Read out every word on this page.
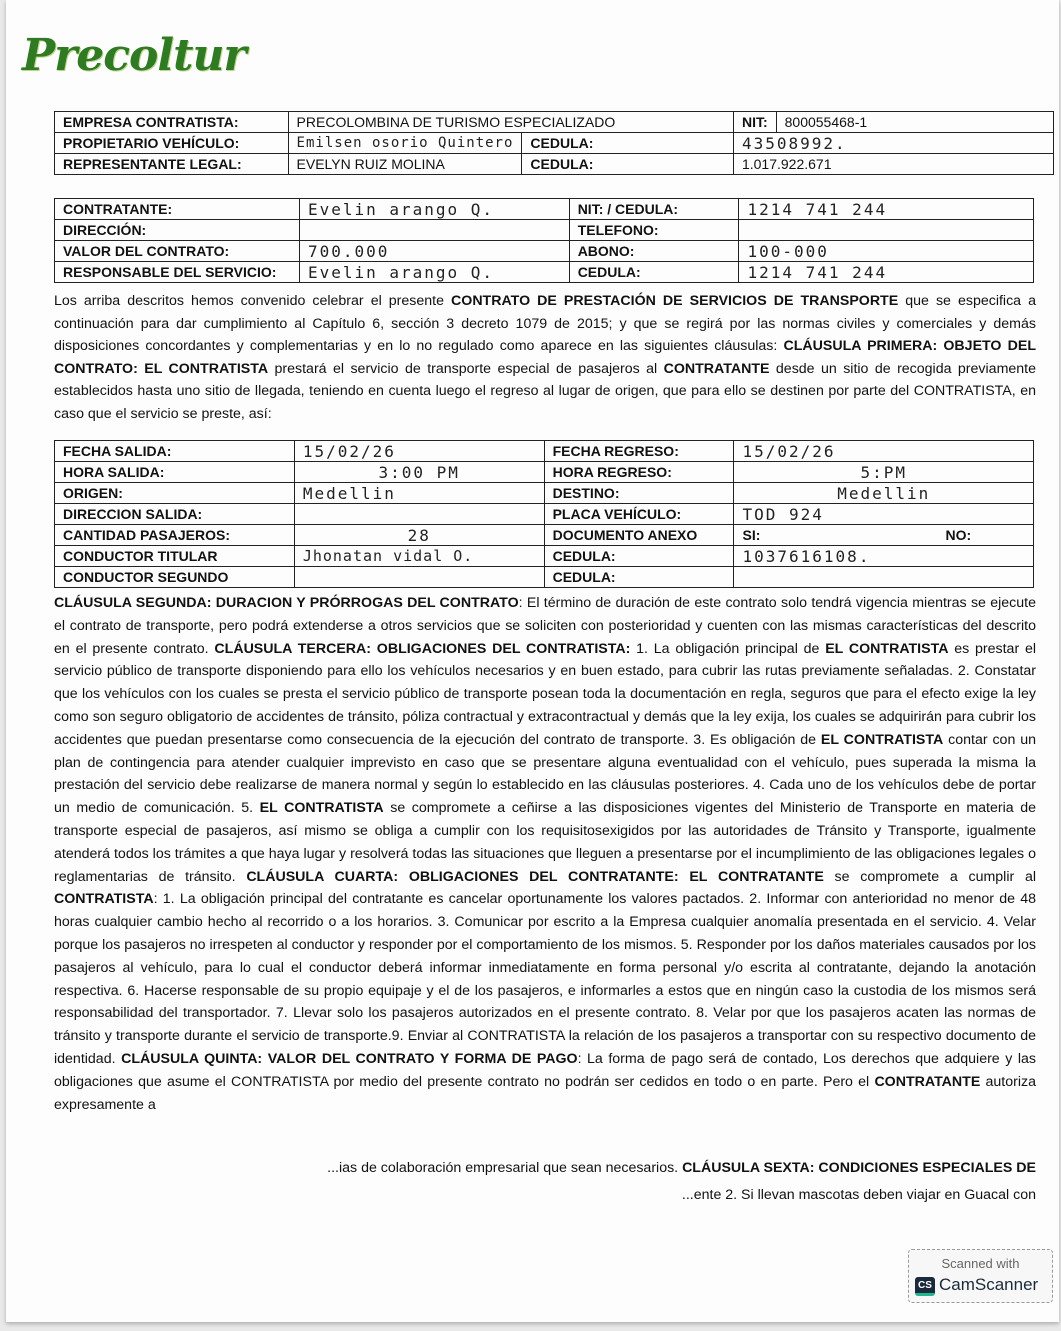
Precoltur
EMPRESA CONTRATISTA:	PRECOLOMBINA DE TURISMO ESPECIALIZADO		NIT:	800055468-1
PROPIETARIO VEHÍCULO:	Emilsen osorio Quintero	CEDULA:	43508992.	
REPRESENTANTE LEGAL:	EVELYN RUIZ MOLINA	CEDULA:	1.017.922.671	
CONTRATANTE:	Evelin arango Q.	NIT: / CEDULA:	1214 741 244
DIRECCIÓN:		TELEFONO:	
VALOR DEL CONTRATO:	700.000	ABONO:	100-000
RESPONSABLE DEL SERVICIO:	Evelin arango Q.	CEDULA:	1214 741 244

Los arriba descritos hemos convenido celebrar el presente CONTRATO DE PRESTACIÓN DE SERVICIOS DE TRANSPORTE que se especifica a continuación para dar cumplimiento al Capítulo 6, sección 3 decreto 1079 de 2015; y que se regirá por las normas civiles y comerciales y demás disposiciones concordantes y complementarias y en lo no regulado como aparece en las siguientes cláusulas: CLÁUSULA PRIMERA: OBJETO DEL CONTRATO: EL CONTRATISTA prestará el servicio de transporte especial de pasajeros al CONTRATANTE desde un sitio de recogida previamente establecidos hasta uno sitio de llegada, teniendo en cuenta luego el regreso al lugar de origen, que para ello se destinen por parte del CONTRATISTA, en caso que el servicio se preste, así:

FECHA SALIDA:	15/02/26	FECHA REGRESO:	15/02/26	
HORA SALIDA:	3:00 PM	HORA REGRESO:	5:PM	
ORIGEN:	Medellin	DESTINO:	Medellin	
DIRECCION SALIDA:		PLACA VEHÍCULO:	TOD 924	
CANTIDAD PASAJEROS:	28	DOCUMENTO ANEXO	SI:	NO:
CONDUCTOR TITULAR	Jhonatan vidal O.	CEDULA:	1037616108.	
CONDUCTOR SEGUNDO		CEDULA:		

CLÁUSULA SEGUNDA: DURACION Y PRÓRROGAS DEL CONTRATO: El término de duración de este contrato solo tendrá vigencia mientras se ejecute el contrato de transporte, pero podrá extenderse a otros servicios que se soliciten con posterioridad y cuenten con las mismas características del descrito en el presente contrato. CLÁUSULA TERCERA: OBLIGACIONES DEL CONTRATISTA: 1. La obligación principal de EL CONTRATISTA es prestar el servicio público de transporte disponiendo para ello los vehículos necesarios y en buen estado, para cubrir las rutas previamente señaladas. 2. Constatar que los vehículos con los cuales se presta el servicio público de transporte posean toda la documentación en regla, seguros que para el efecto exige la ley como son seguro obligatorio de accidentes de tránsito, póliza contractual y extracontractual y demás que la ley exija, los cuales se adquirirán para cubrir los accidentes que puedan presentarse como consecuencia de la ejecución del contrato de transporte. 3. Es obligación de EL CONTRATISTA contar con un plan de contingencia para atender cualquier imprevisto en caso que se presentare alguna eventualidad con el vehículo, pues superada la misma la prestación del servicio debe realizarse de manera normal y según lo establecido en las cláusulas posteriores. 4. Cada uno de los vehículos debe de portar un medio de comunicación. 5. EL CONTRATISTA se compromete a ceñirse a las disposiciones vigentes del Ministerio de Transporte en materia de transporte especial de pasajeros, así mismo se obliga a cumplir con los requisitosexigidos por las autoridades de Tránsito y Transporte, igualmente atenderá todos los trámites a que haya lugar y resolverá todas las situaciones que lleguen a presentarse por el incumplimiento de las obligaciones legales o reglamentarias de tránsito. CLÁUSULA CUARTA: OBLIGACIONES DEL CONTRATANTE: EL CONTRATANTE se compromete a cumplir al CONTRATISTA: 1. La obligación principal del contratante es cancelar oportunamente los valores pactados. 2. Informar con anterioridad no menor de 48 horas cualquier cambio hecho al recorrido o a los horarios. 3. Comunicar por escrito a la Empresa cualquier anomalía presentada en el servicio. 4. Velar porque los pasajeros no irrespeten al conductor y responder por el comportamiento de los mismos. 5. Responder por los daños materiales causados por los pasajeros al vehículo, para lo cual el conductor deberá informar inmediatamente en forma personal y/o escrita al contratante, dejando la anotación respectiva. 6. Hacerse responsable de su propio equipaje y el de los pasajeros, e informarles a estos que en ningún caso la custodia de los mismos será responsabilidad del transportador. 7. Llevar solo los pasajeros autorizados en el presente contrato. 8. Velar por que los pasajeros acaten las normas de tránsito y transporte durante el servicio de transporte.9. Enviar al CONTRATISTA la relación de los pasajeros a transportar con su respectivo documento de identidad. CLÁUSULA QUINTA: VALOR DEL CONTRATO Y FORMA DE PAGO: La forma de pago será de contado, Los derechos que adquiere y las obligaciones que asume el CONTRATISTA por medio del presente contrato no podrán ser cedidos en todo o en parte. Pero el CONTRATANTE autoriza expresamente a

...ias de colaboración empresarial que sean necesarios. CLÁUSULA SEXTA: CONDICIONES ESPECIALES DE
...ente 2. Si llevan mascotas deben viajar en Guacal con
Scanned with
CS CamScanner
